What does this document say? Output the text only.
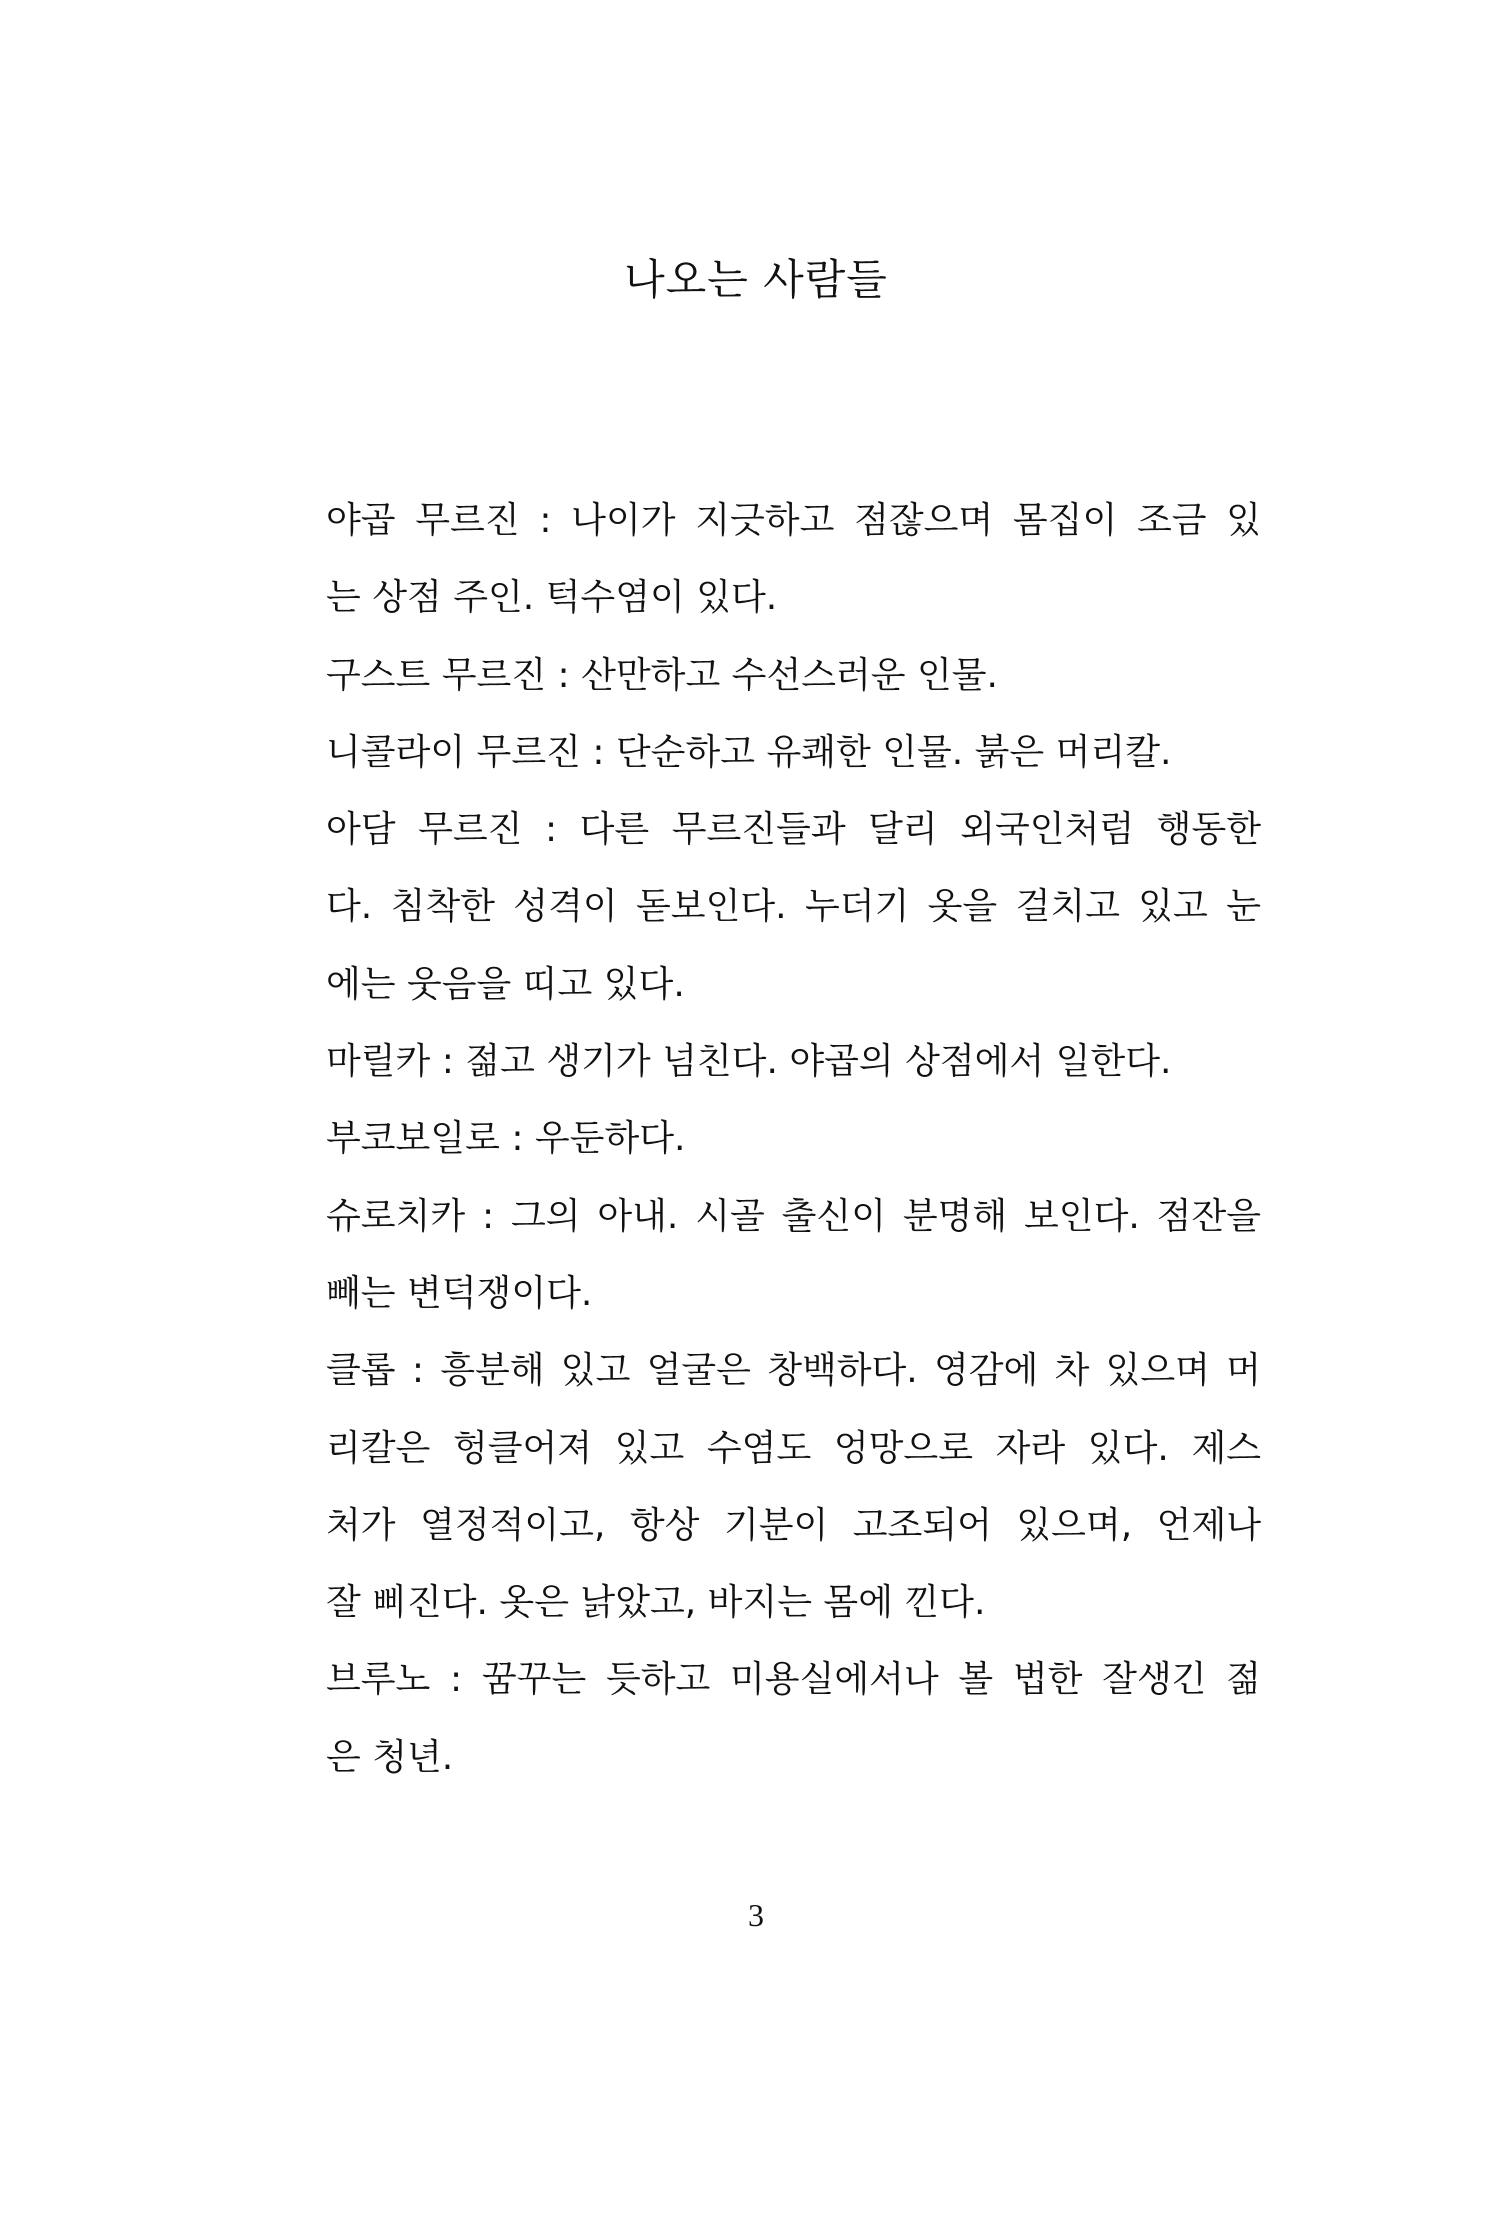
나오는 사람들

야곱 무르진 : 나이가 지긋하고 점잖으며 몸집이 조금 있
는 상점 주인. 턱수염이 있다.

구스트 무르진 : 산만하고 수선스러운 인물.

니콜라이 무르진 : 단순하고 유쾌한 인물. 붉은 머리칼.

아담 무르진 : 다른 무르진들과 달리 외국인처럼 행동한
다. 침착한 성격이 돋보인다. 누더기 옷을 걸치고 있고 눈
에는 웃음을 띠고 있다.

마릴카 : 젊고 생기가 넘친다. 야곱의 상점에서 일한다.

부코보일로 : 우둔하다.

슈로치카 : 그의 아내. 시골 출신이 분명해 보인다. 점잔을
빼는 변덕쟁이다.

클롭 : 흥분해 있고 얼굴은 창백하다. 영감에 차 있으며 머
리칼은 헝클어져 있고 수염도 엉망으로 자라 있다. 제스
처가 열정적이고, 항상 기분이 고조되어 있으며, 언제나
잘 삐진다. 옷은 낡았고, 바지는 몸에 낀다.

브루노 : 꿈꾸는 듯하고 미용실에서나 볼 법한 잘생긴 젊
은 청년.

3
